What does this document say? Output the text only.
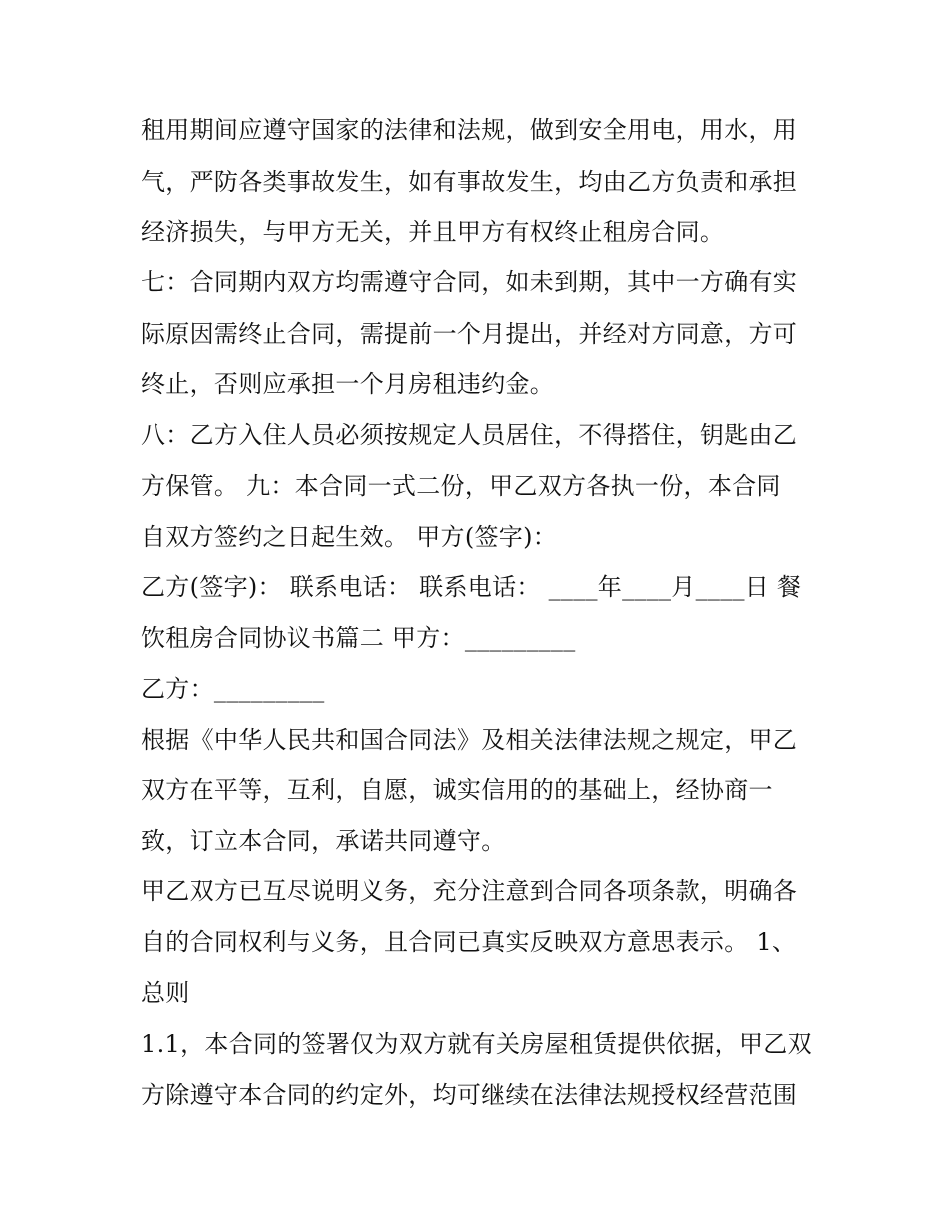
租用期间应遵守国家的法律和法规，做到安全用电，用水，用
气，严防各类事故发生，如有事故发生，均由乙方负责和承担
经济损失，与甲方无关，并且甲方有权终止租房合同。
七：合同期内双方均需遵守合同，如未到期，其中一方确有实
际原因需终止合同，需提前一个月提出，并经对方同意，方可
终止，否则应承担一个月房租违约金。
八：乙方入住人员必须按规定人员居住，不得搭住，钥匙由乙
方保管。 九：本合同一式二份，甲乙双方各执一份，本合同
自双方签约之日起生效。 甲方(签字)：
乙方(签字)： 联系电话： 联系电话： ____年____月____日 餐
饮租房合同协议书篇二 甲方：_________
乙方：_________
根据《中华人民共和国合同法》及相关法律法规之规定，甲乙
双方在平等，互利，自愿，诚实信用的的基础上，经协商一
致，订立本合同，承诺共同遵守。
甲乙双方已互尽说明义务，充分注意到合同各项条款，明确各
自的合同权利与义务，且合同已真实反映双方意思表示。 1、
总则
1.1，本合同的签署仅为双方就有关房屋租赁提供依据，甲乙双
方除遵守本合同的约定外，均可继续在法律法规授权经营范围
